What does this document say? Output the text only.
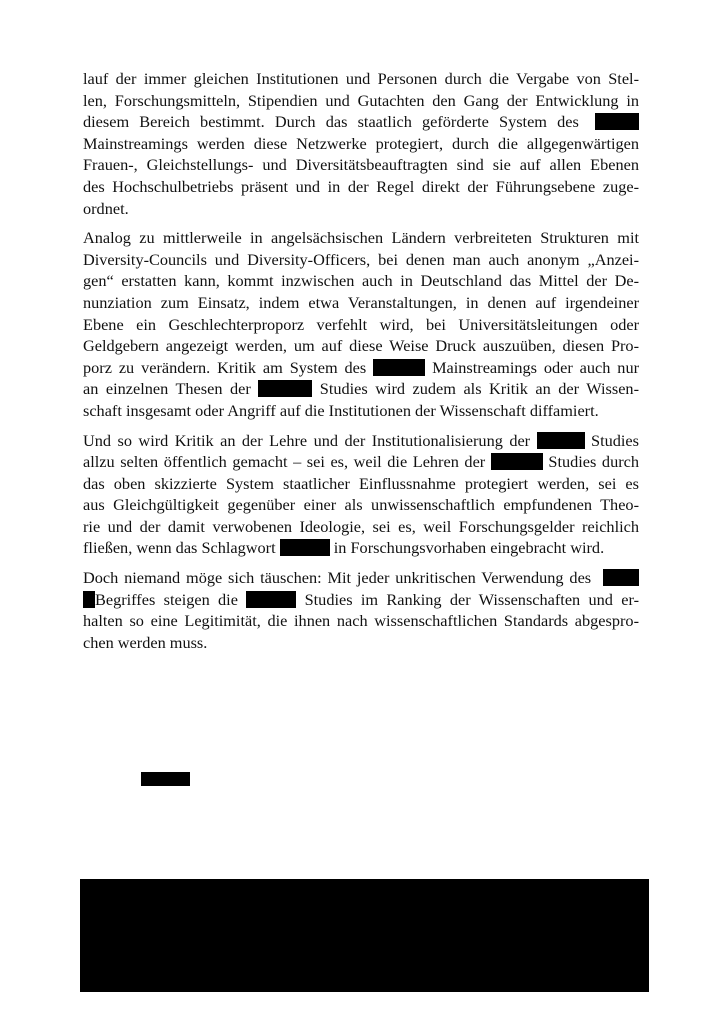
lauf der immer gleichen Institutionen und Personen durch die Vergabe von Stel-
len, Forschungsmitteln, Stipendien und Gutachten den Gang der Entwicklung in
diesem Bereich bestimmt. Durch das staatlich geförderte System des
Mainstreamings werden diese Netzwerke protegiert, durch die allgegenwärtigen
Frauen-, Gleichstellungs- und Diversitätsbeauftragten sind sie auf allen Ebenen
des Hochschulbetriebs präsent und in der Regel direkt der Führungsebene zuge-
ordnet.
Analog zu mittlerweile in angelsächsischen Ländern verbreiteten Strukturen mit
Diversity-Councils und Diversity-Officers, bei denen man auch anonym „Anzei-
gen“ erstatten kann, kommt inzwischen auch in Deutschland das Mittel der De-
nunziation zum Einsatz, indem etwa Veranstaltungen, in denen auf irgendeiner
Ebene ein Geschlechterproporz verfehlt wird, bei Universitätsleitungen oder
Geldgebern angezeigt werden, um auf diese Weise Druck auszuüben, diesen Pro-
porz zu verändern. Kritik am System des	Mainstreamings oder auch nur
an einzelnen Thesen der	Studies wird zudem als Kritik an der Wissen-
schaft insgesamt oder Angriff auf die Institutionen der Wissenschaft diffamiert.
Und so wird Kritik an der Lehre und der Institutionalisierung der	Studies
allzu selten öffentlich gemacht – sei es, weil die Lehren der	Studies durch
das oben skizzierte System staatlicher Einflussnahme protegiert werden, sei es
aus Gleichgültigkeit gegenüber einer als unwissenschaftlich empfundenen Theo-
rie und der damit verwobenen Ideologie, sei es, weil Forschungsgelder reichlich
fließen, wenn das Schlagwort	in Forschungsvorhaben eingebracht wird.
Doch niemand möge sich täuschen: Mit jeder unkritischen Verwendung des
Begriffes steigen die	Studies im Ranking der Wissenschaften und er-
halten so eine Legitimität, die ihnen nach wissenschaftlichen Standards abgespro-
chen werden muss.
